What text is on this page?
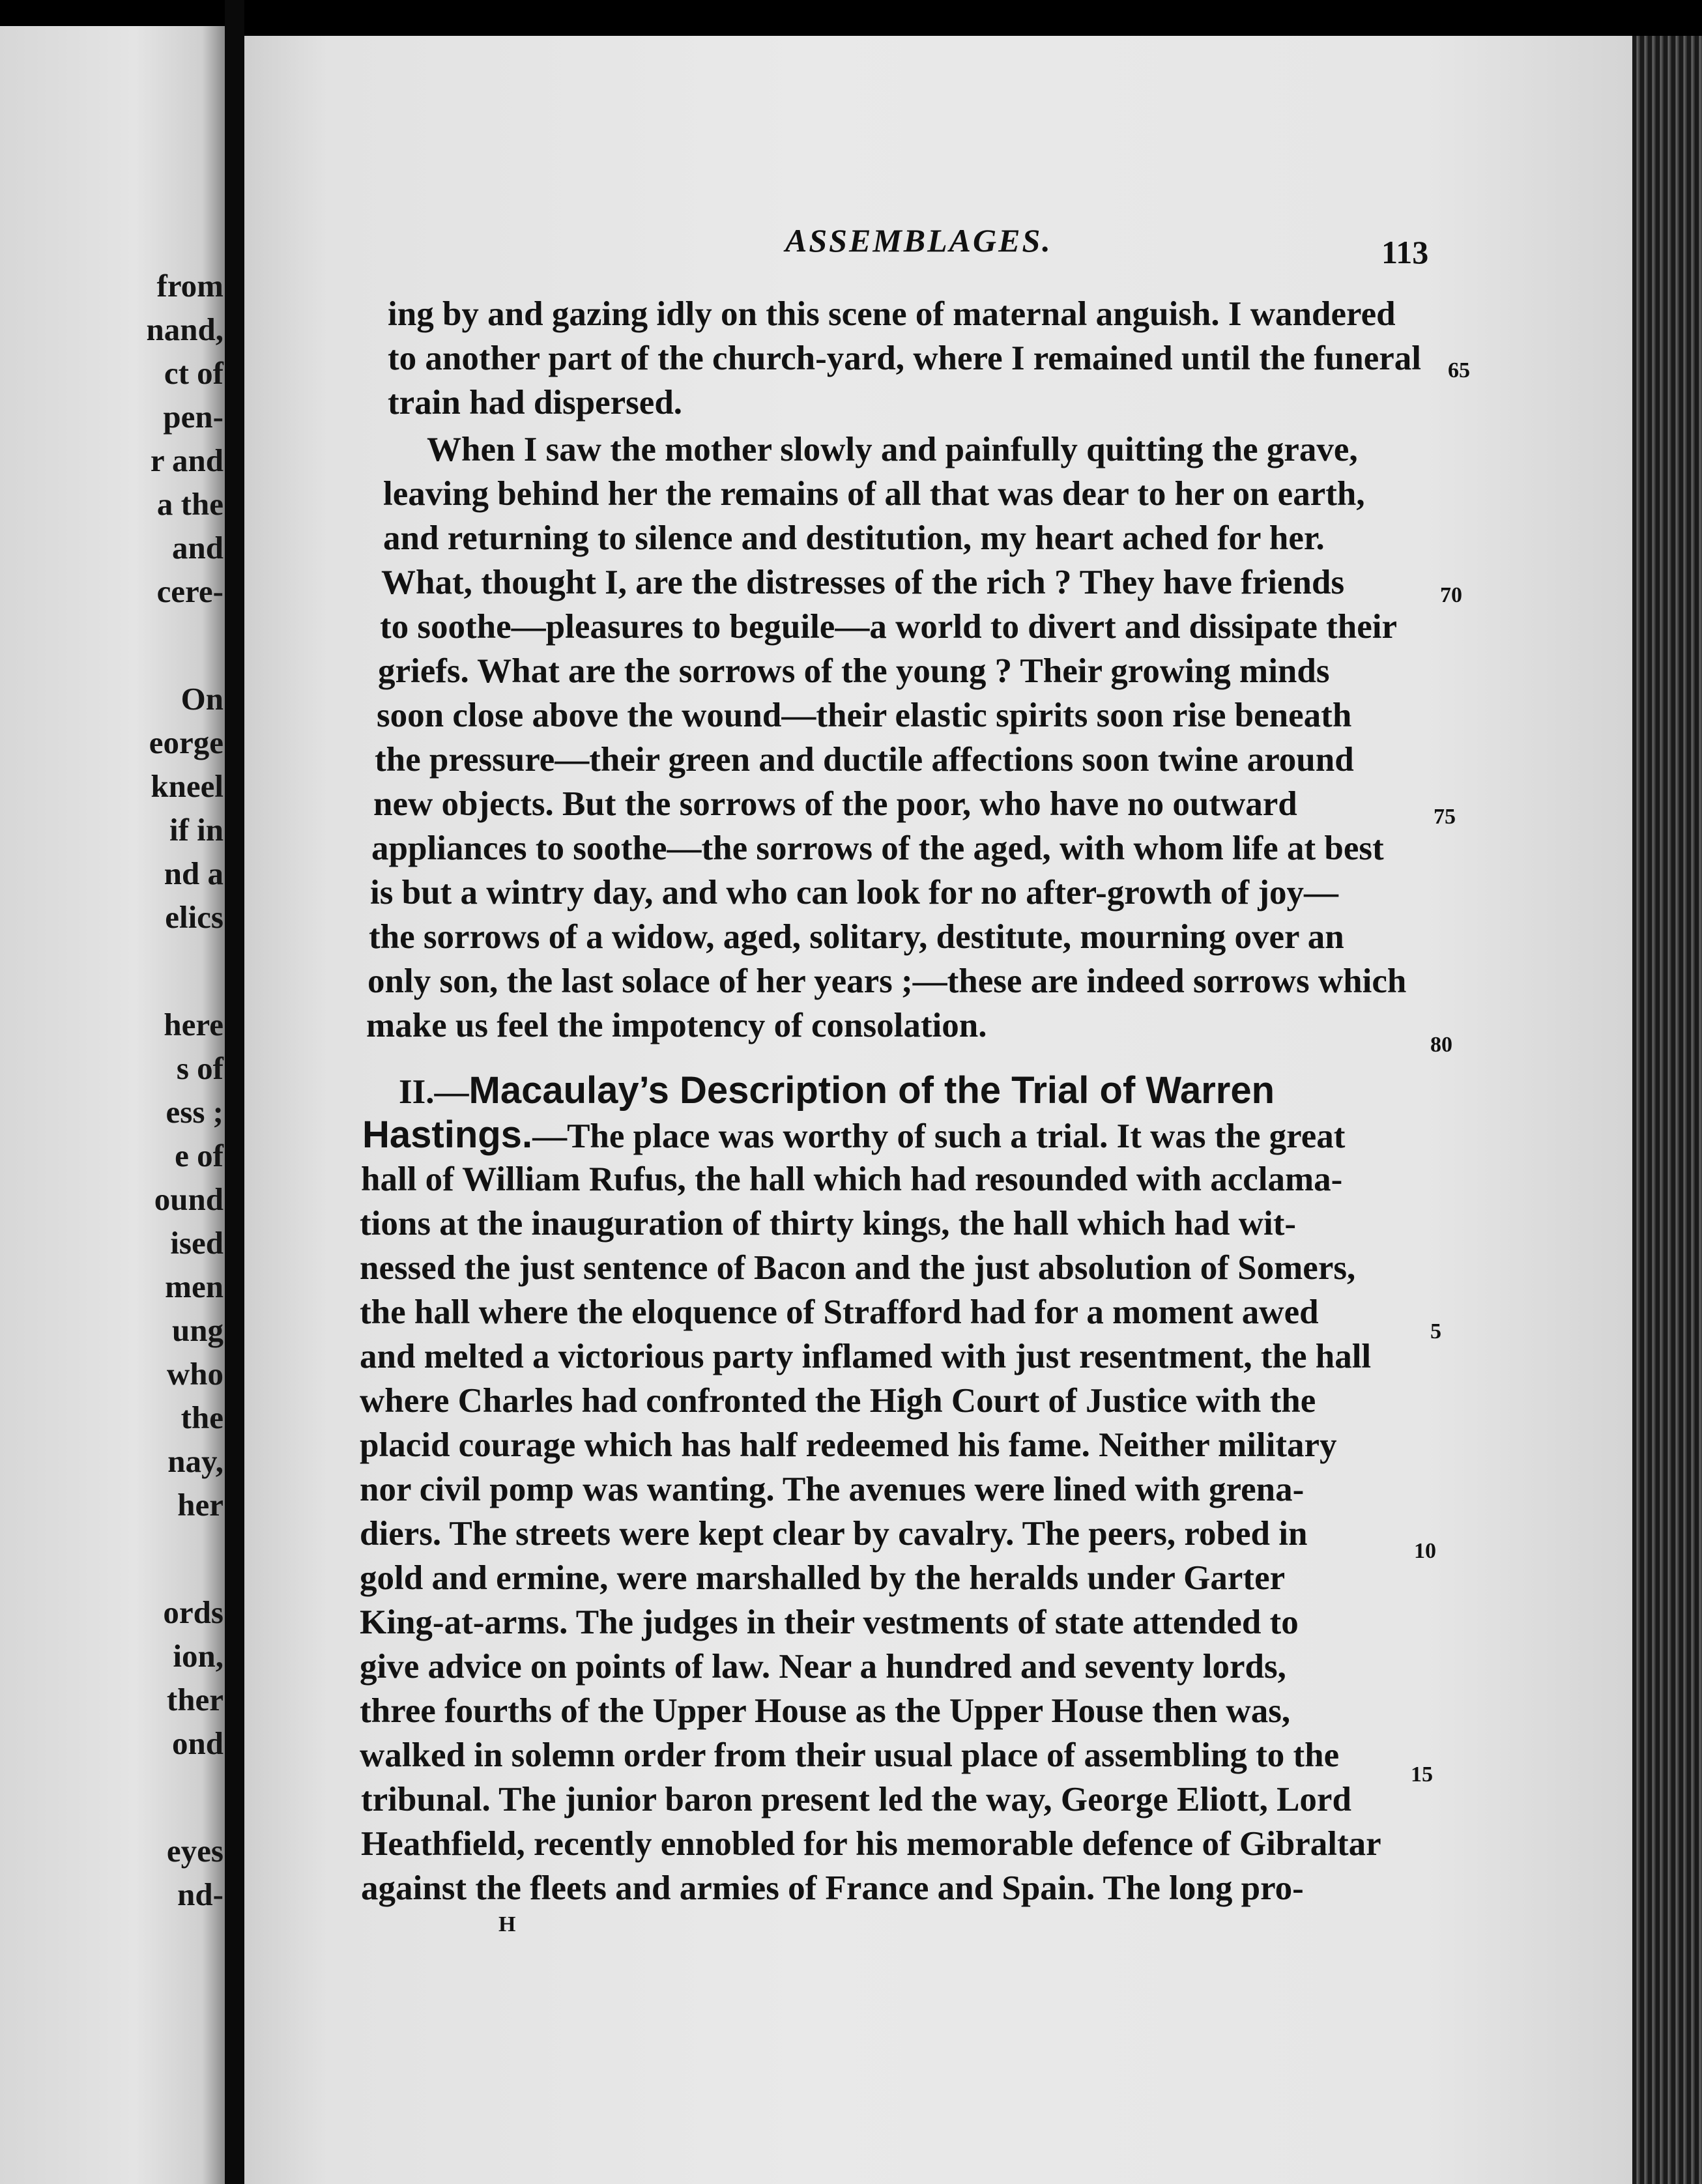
from
nand,
ct of
pen-
r and
a the
and
cere-
On
eorge
kneel
if in
nd a
elics
here
s of
ess ;
e of
ound
ised
men
ung
who
the
nay,
her
ords
ion,
ther
ond
eyes
nd-
ASSEMBLAGES.	113
ing by and gazing idly on this scene of maternal anguish. I wandered
to another part of the church-yard, where I remained until the funeral
train had dispersed.
When I saw the mother slowly and painfully quitting the grave,
leaving behind her the remains of all that was dear to her on earth,
and returning to silence and destitution, my heart ached for her.
What, thought I, are the distresses of the rich ? They have friends
to soothe—pleasures to beguile—a world to divert and dissipate their
griefs. What are the sorrows of the young ? Their growing minds
soon close above the wound—their elastic spirits soon rise beneath
the pressure—their green and ductile affections soon twine around
new objects. But the sorrows of the poor, who have no outward
appliances to soothe—the sorrows of the aged, with whom life at best
is but a wintry day, and who can look for no after-growth of joy—
the sorrows of a widow, aged, solitary, destitute, mourning over an
only son, the last solace of her years ;—these are indeed sorrows which
make us feel the impotency of consolation.
65
70
75
80
II.—Macaulay’s Description of the Trial of Warren
Hastings.—The place was worthy of such a trial. It was the great
hall of William Rufus, the hall which had resounded with acclama-
tions at the inauguration of thirty kings, the hall which had wit-
nessed the just sentence of Bacon and the just absolution of Somers,
the hall where the eloquence of Strafford had for a moment awed
and melted a victorious party inflamed with just resentment, the hall
where Charles had confronted the High Court of Justice with the
placid courage which has half redeemed his fame. Neither military
nor civil pomp was wanting. The avenues were lined with grena-
diers. The streets were kept clear by cavalry. The peers, robed in
gold and ermine, were marshalled by the heralds under Garter
King-at-arms. The judges in their vestments of state attended to
give advice on points of law. Near a hundred and seventy lords,
three fourths of the Upper House as the Upper House then was,
walked in solemn order from their usual place of assembling to the
tribunal. The junior baron present led the way, George Eliott, Lord
Heathfield, recently ennobled for his memorable defence of Gibraltar
against the fleets and armies of France and Spain. The long pro-
5
10
15
H
